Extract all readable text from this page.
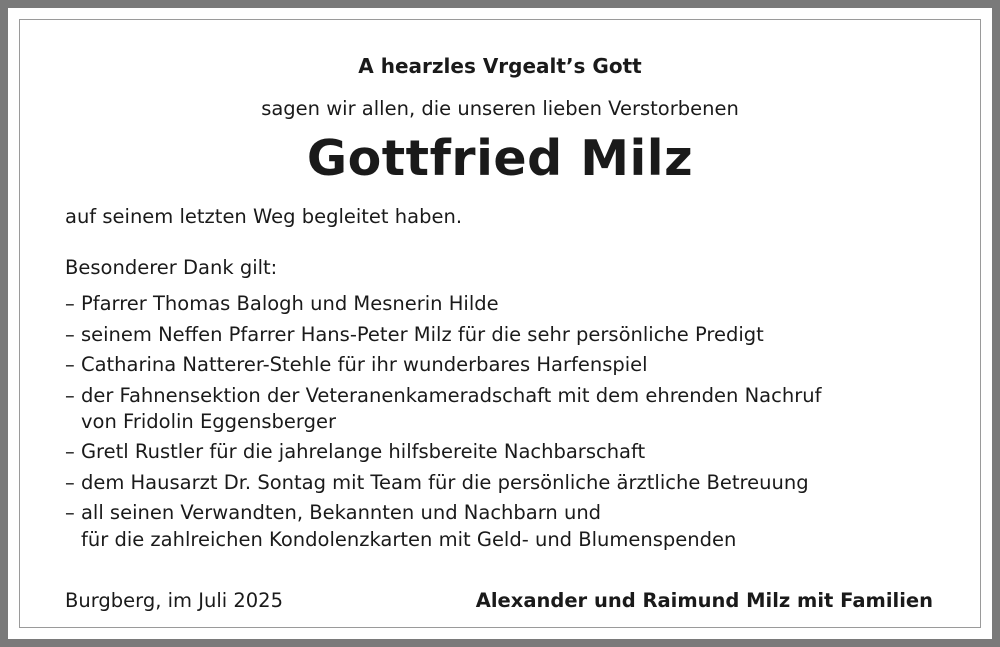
A hearzles Vrgealt’s Gott
sagen wir allen, die unseren lieben Verstorbenen
Gottfried Milz
auf seinem letzten Weg begleitet haben.
Besonderer Dank gilt:
– Pfarrer Thomas Balogh und Mesnerin Hilde
– seinem Neffen Pfarrer Hans-Peter Milz für die sehr persönliche Predigt
– Catharina Natterer-Stehle für ihr wunderbares Harfenspiel
– der Fahnensektion der Veteranenkameradschaft mit dem ehrenden Nachruf
von Fridolin Eggensberger
– Gretl Rustler für die jahrelange hilfsbereite Nachbarschaft
– dem Hausarzt Dr. Sontag mit Team für die persönliche ärztliche Betreuung
– all seinen Verwandten, Bekannten und Nachbarn und
für die zahlreichen Kondolenzkarten mit Geld- und Blumenspenden
Burgberg, im Juli 2025	Alexander und Raimund Milz mit Familien
